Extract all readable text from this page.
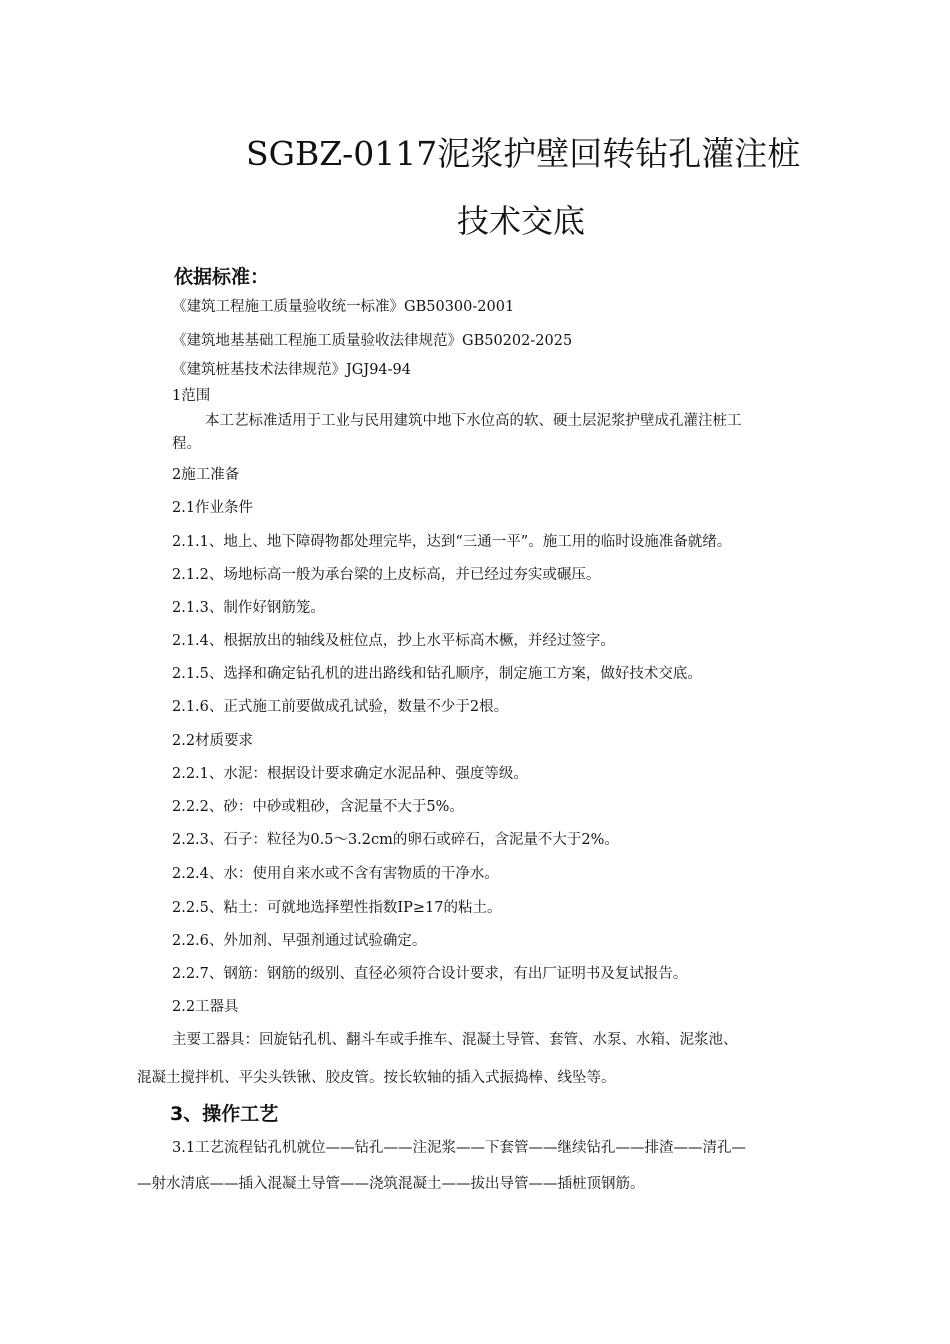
SGBZ-0117泥浆护壁回转钻孔灌注桩
技术交底
依据标准：
《建筑工程施工质量验收统一标准》GB50300-2001
《建筑地基基础工程施工质量验收法律规范》GB50202-2025
《建筑桩基技术法律规范》JGJ94-94
1范围
本工艺标准适用于工业与民用建筑中地下水位高的软、硬土层泥浆护壁成孔灌注桩工
程。
2施工准备
2.1作业条件
2.1.1、地上、地下障碍物都处理完毕，达到“三通一平”。施工用的临时设施准备就绪。
2.1.2、场地标高一般为承台梁的上皮标高，并已经过夯实或碾压。
2.1.3、制作好钢筋笼。
2.1.4、根据放出的轴线及桩位点，抄上水平标高木橛，并经过签字。
2.1.5、选择和确定钻孔机的进出路线和钻孔顺序，制定施工方案，做好技术交底。
2.1.6、正式施工前要做成孔试验，数量不少于2根。
2.2材质要求
2.2.1、水泥：根据设计要求确定水泥品种、强度等级。
2.2.2、砂：中砂或粗砂，含泥量不大于5%。
2.2.3、石子：粒径为0.5～3.2cm的卵石或碎石，含泥量不大于2%。
2.2.4、水：使用自来水或不含有害物质的干净水。
2.2.5、粘土：可就地选择塑性指数IP≥17的粘土。
2.2.6、外加剂、早强剂通过试验确定。
2.2.7、钢筋：钢筋的级别、直径必须符合设计要求，有出厂证明书及复试报告。
2.2工器具
主要工器具：回旋钻孔机、翻斗车或手推车、混凝土导管、套管、水泵、水箱、泥浆池、
混凝土搅拌机、平尖头铁锹、胶皮管。按长软轴的插入式振捣棒、线坠等。
3、操作工艺
3.1工艺流程钻孔机就位——钻孔——注泥浆——下套管——继续钻孔——排渣——清孔—
—射水清底——插入混凝土导管——浇筑混凝土——拔出导管——插桩顶钢筋。
